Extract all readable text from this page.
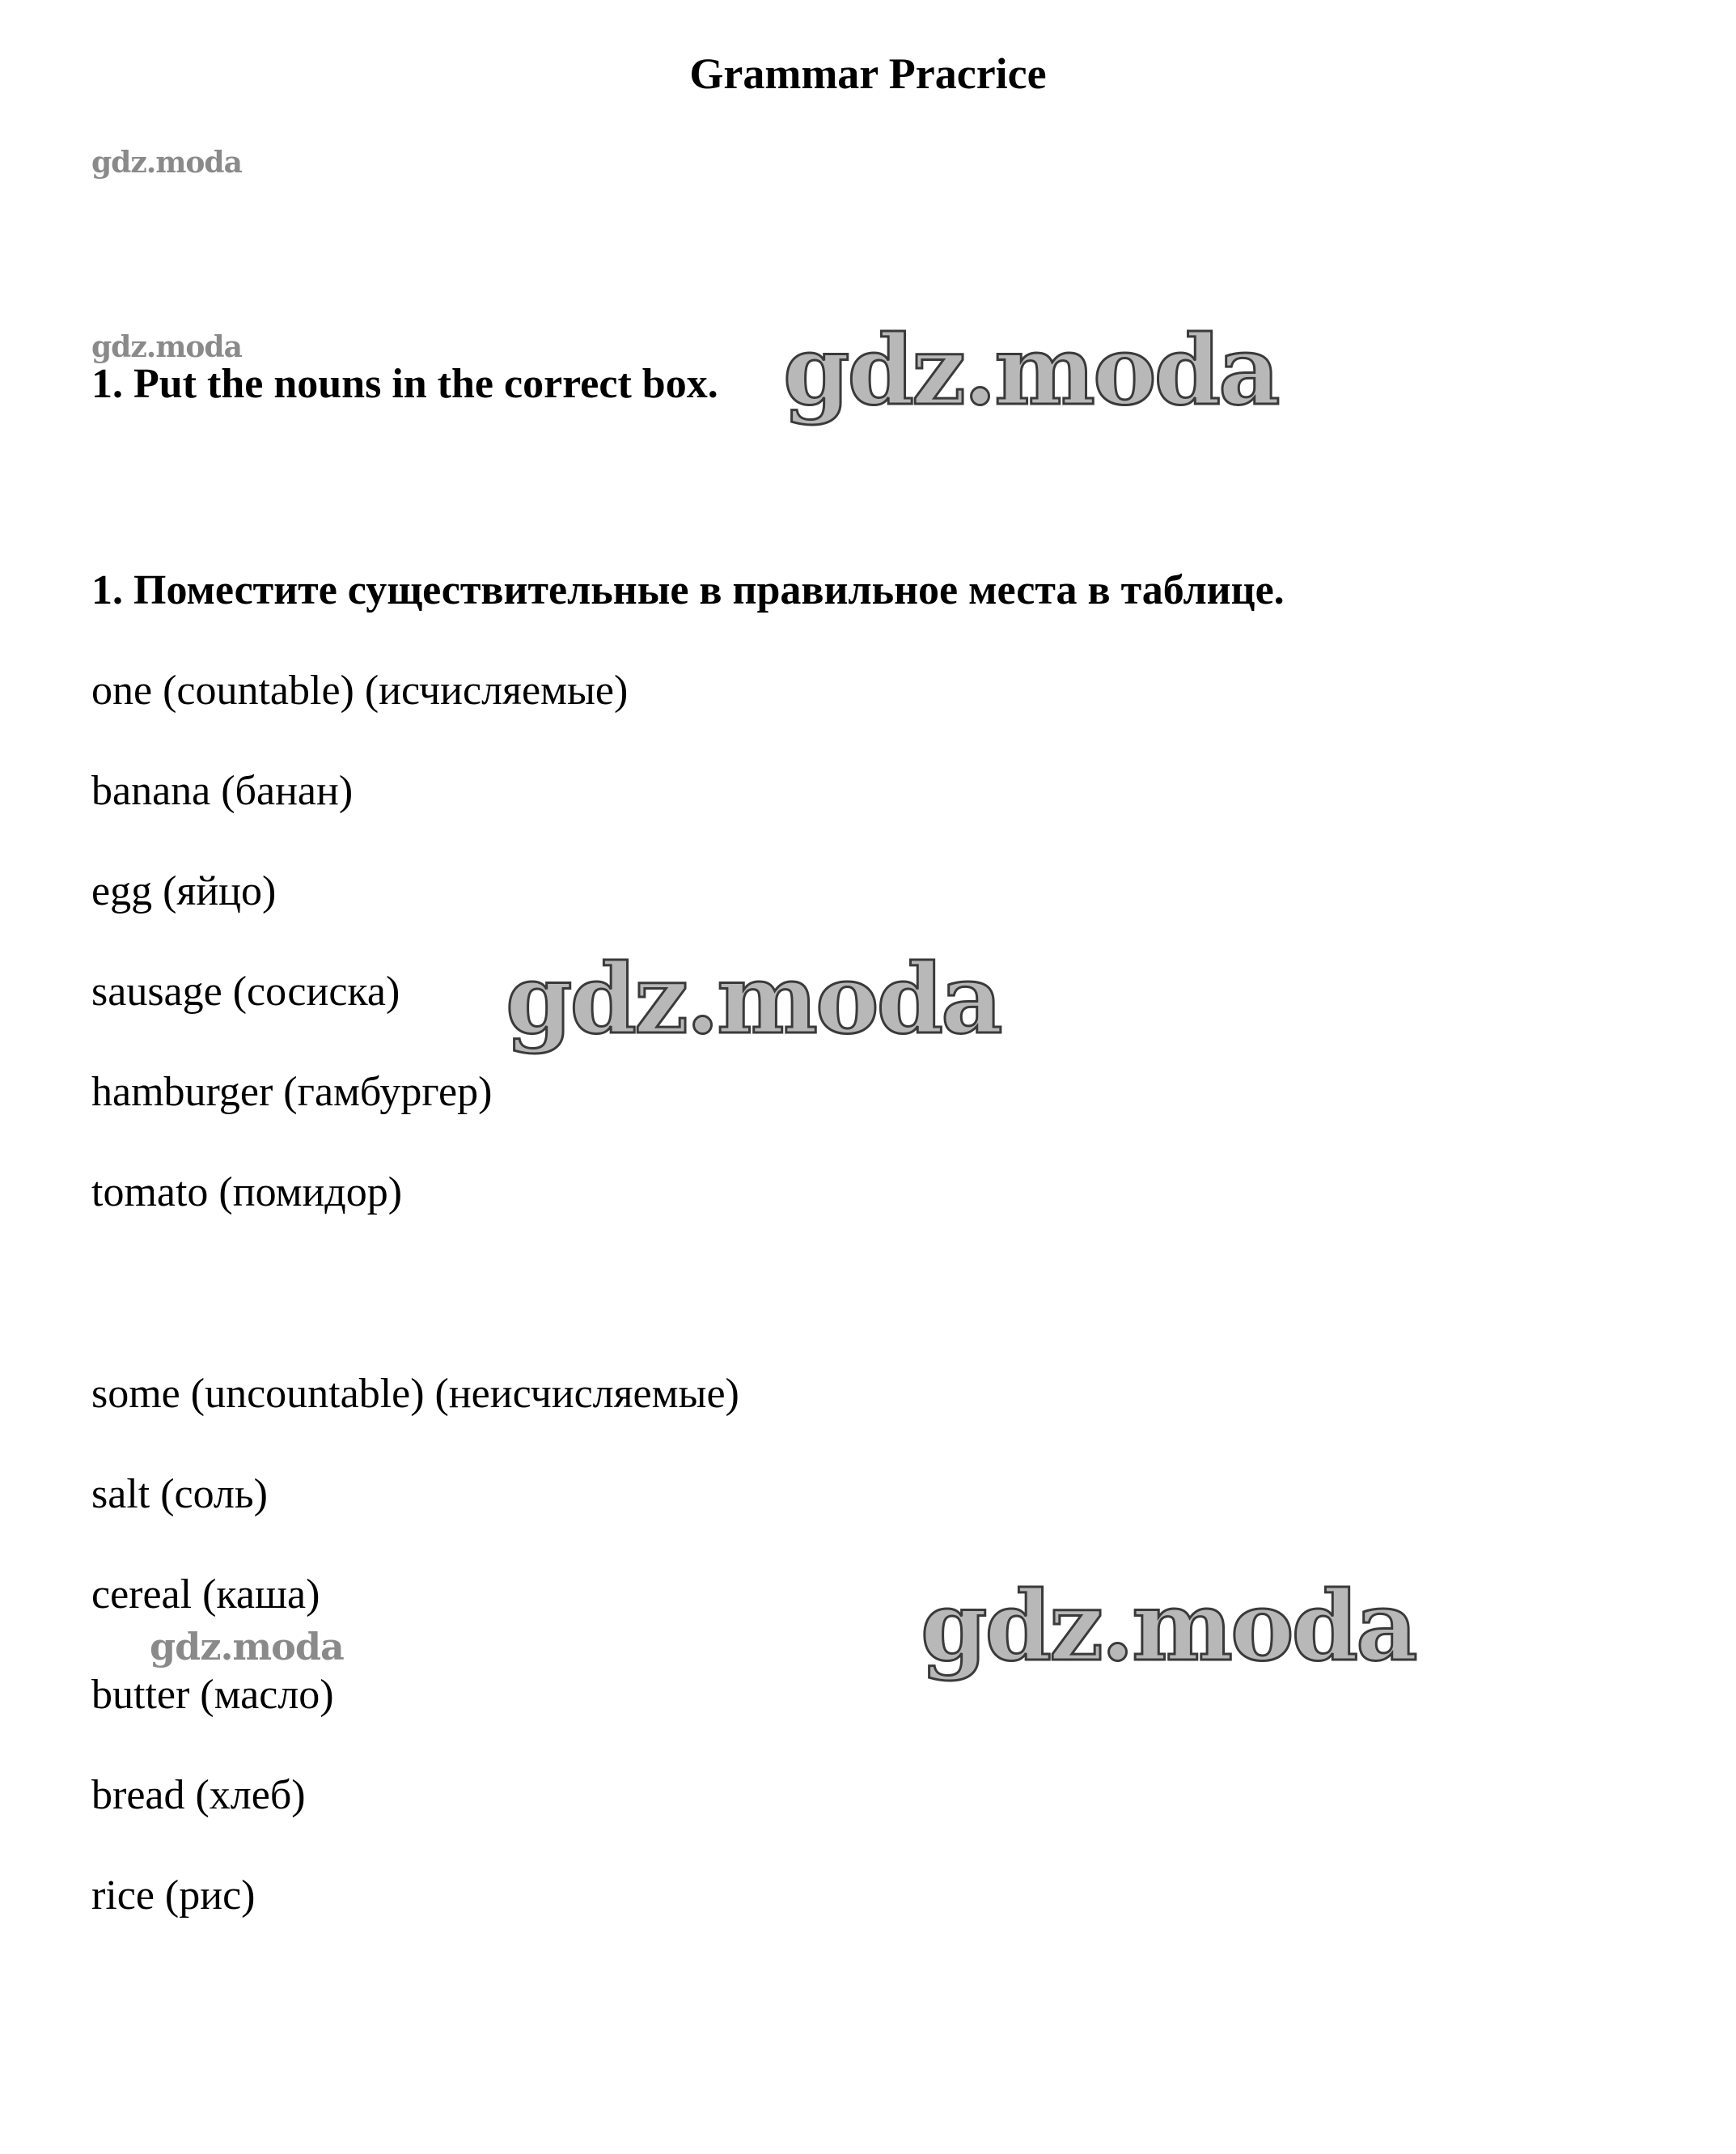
Grammar Pracrice
gdz.moda
gdz.moda
1. Put the nouns in the correct box. gdz.moda
1. Поместите существительные в правильное места в таблице.
one (countable) (исчисляемые)
banana (банан)
egg (яйцо)
sausage (сосиска) gdz.moda
hamburger (гамбургер)
tomato (помидор)
some (uncountable) (неисчисляемые)
salt (соль)
cereal (каша)
gdz.moda	gdz.moda
butter (масло)
bread (хлеб)
rice (рис)
